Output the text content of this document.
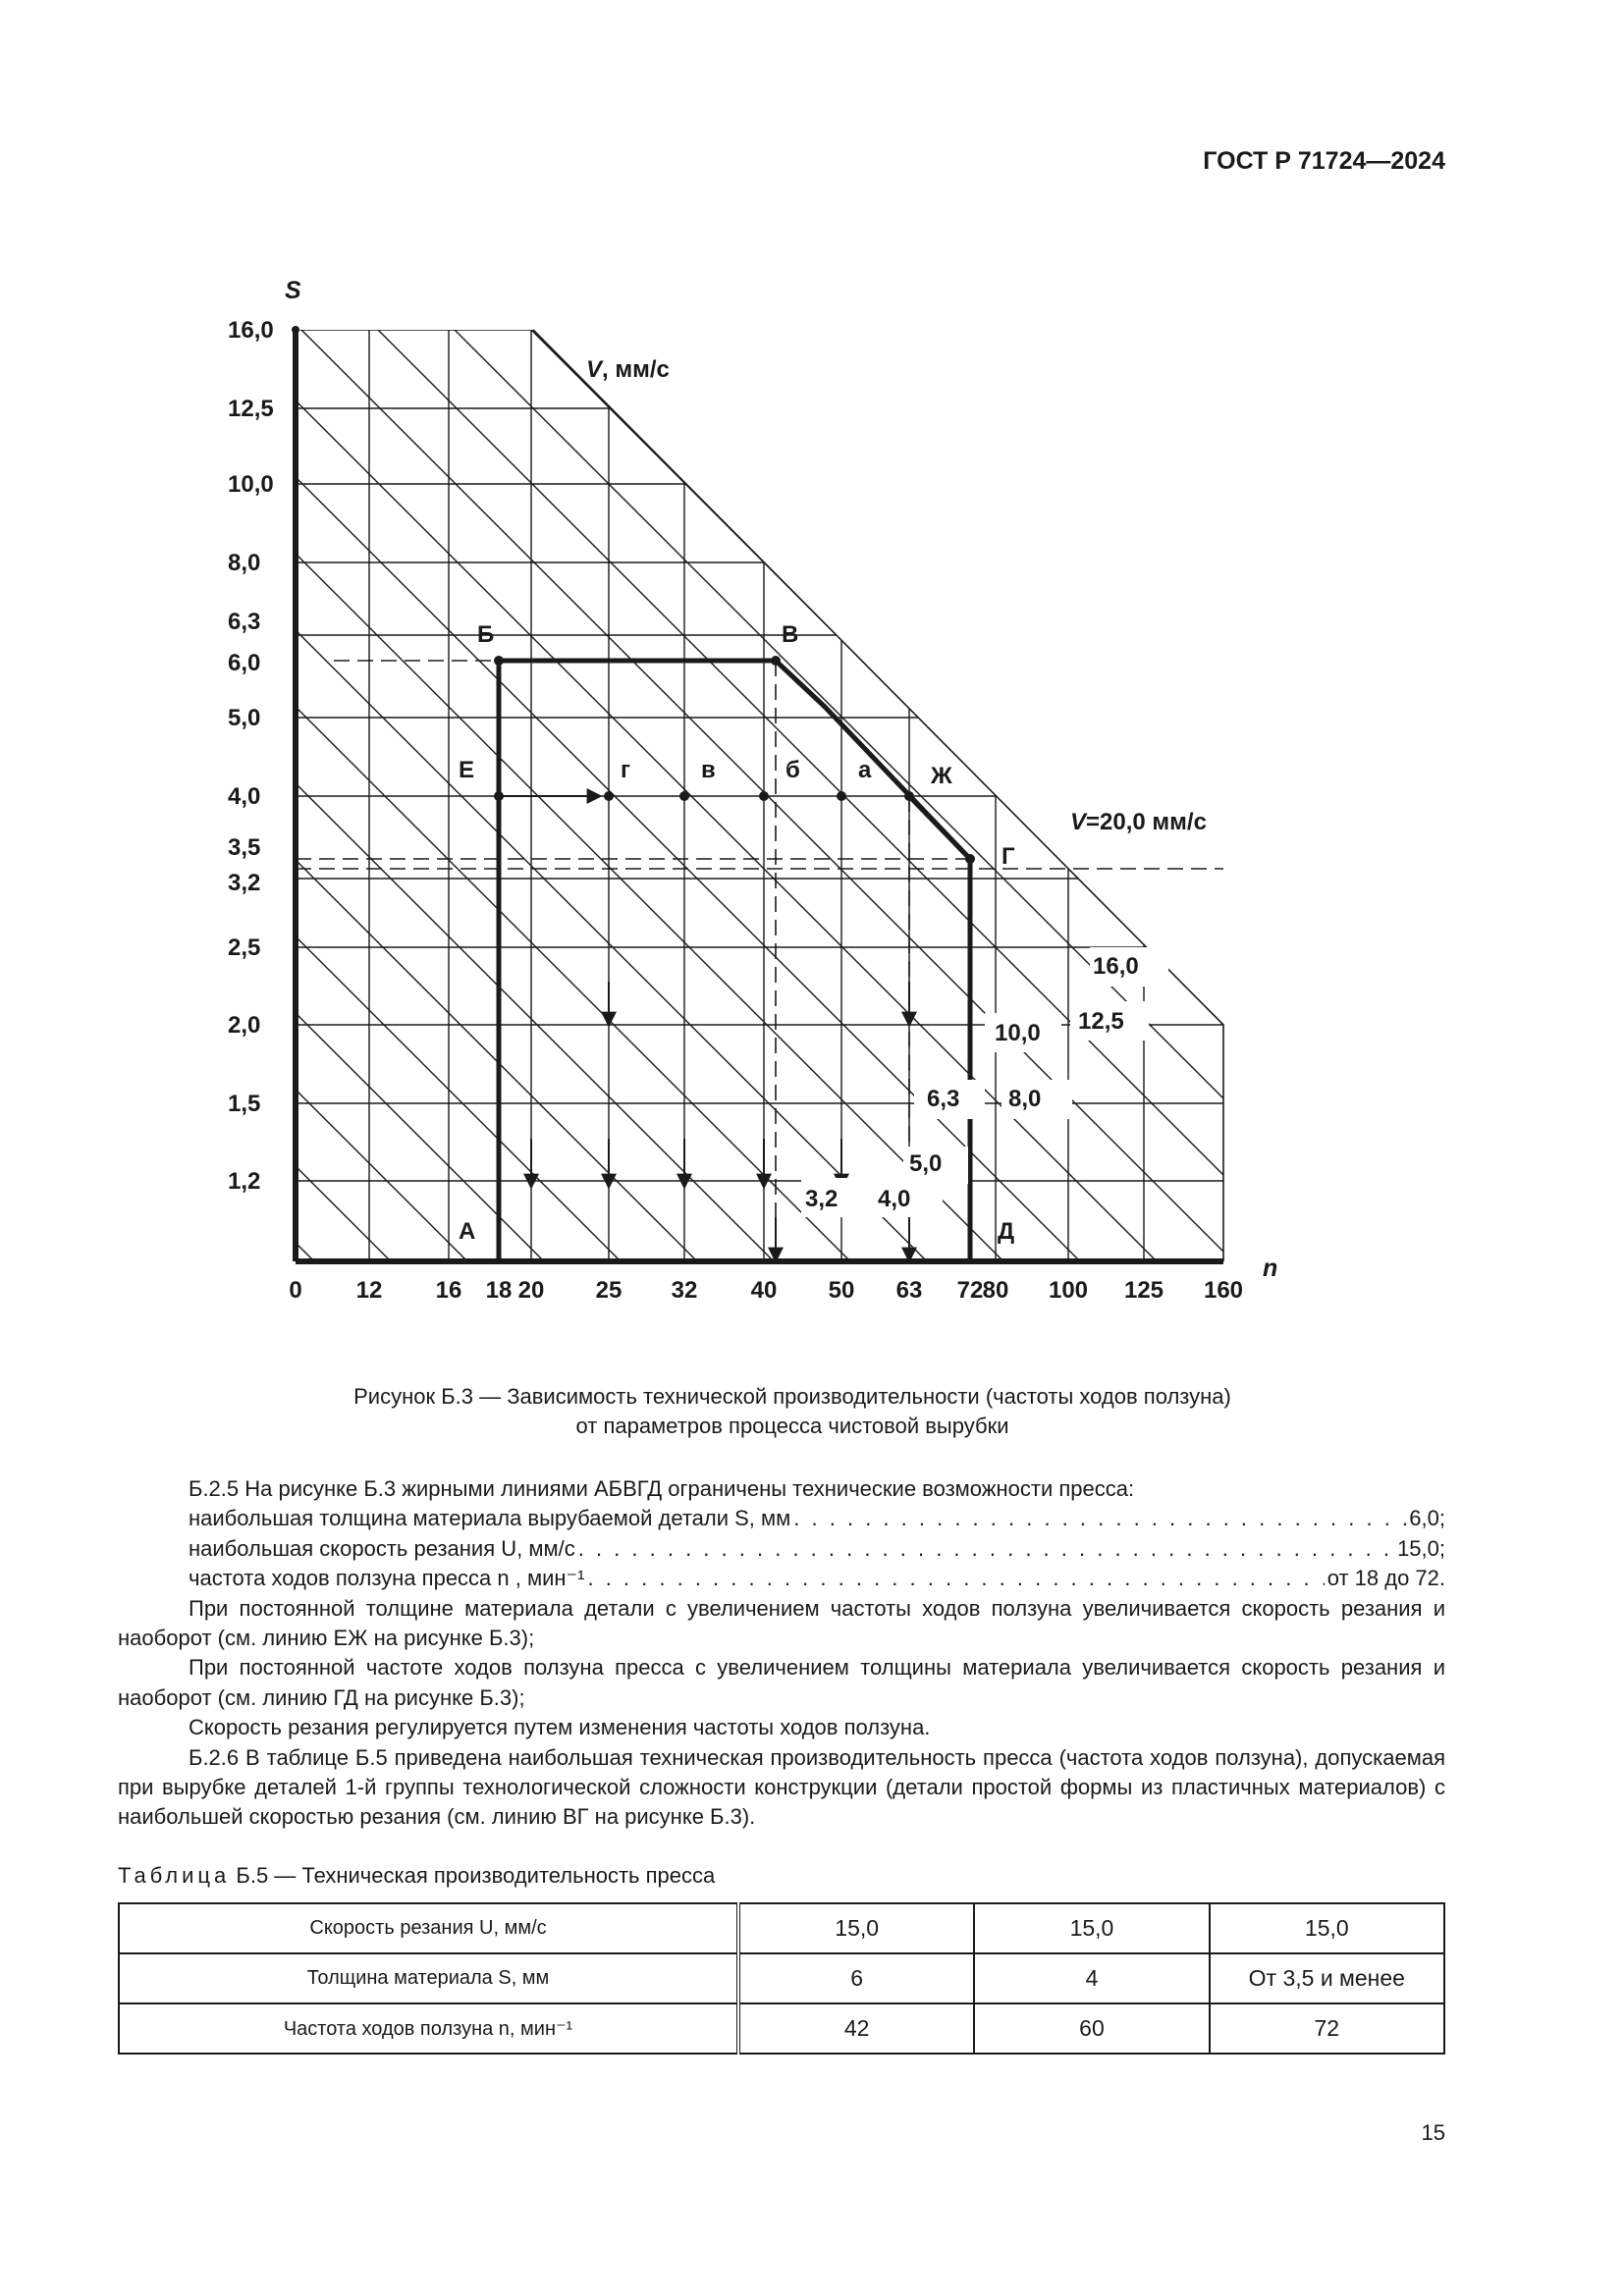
ГОСТ Р 71724—2024
16,0
12,5
10,0
8,0
6,3
5,0
4,0
3,2
16,0
12,5
10,0
8,0
6,3
6,0
5,0
4,0
3,5
3,2
2,5
2,0
1,5
1,2
0 12 16 18 20 25 32 40 50 63 72 80 100 125 160
S
n
V, мм/с
V=20,0 мм/с
А
Б	В
Г
Д
Е	г	в	б а	Ж
Рисунок Б.3 — Зависимость технической производительности (частоты ходов ползуна)
от параметров процесса чистовой вырубки

Б.2.5 На рисунке Б.3 жирными линиями АБВГД ограничены технические возможности пресса:

наибольшая толщина материала вырубаемой детали S, мм . . .	6,0;

наибольшая скорость резания U, мм/с . . .	15,0;

частота ходов ползуна пресса n , мин⁻¹ . . .	от 18 до 72.

При постоянной толщине материала детали с увеличением частоты ходов ползуна увеличивается скорость резания и наоборот (см. линию ЕЖ на рисунке Б.3);

При постоянной частоте ходов ползуна пресса с увеличением толщины материала увеличивается скорость резания и наоборот (см. линию ГД на рисунке Б.3);

Скорость резания регулируется путем изменения частоты ходов ползуна.

Б.2.6 В таблице Б.5 приведена наибольшая техническая производительность пресса (частота ходов ползуна), допускаемая при вырубке деталей 1-й группы технологической сложности конструкции (детали простой формы из пластичных материалов) с наибольшей скоростью резания (см. линию ВГ на рисунке Б.3).

Таблица Б.5 — Техническая производительность пресса
Скорость резания U, мм/с	15,0	15,0	15,0
Толщина материала S, мм	6	4	От 3,5 и менее
Частота ходов ползуна n, мин⁻¹	42	60	72
15
